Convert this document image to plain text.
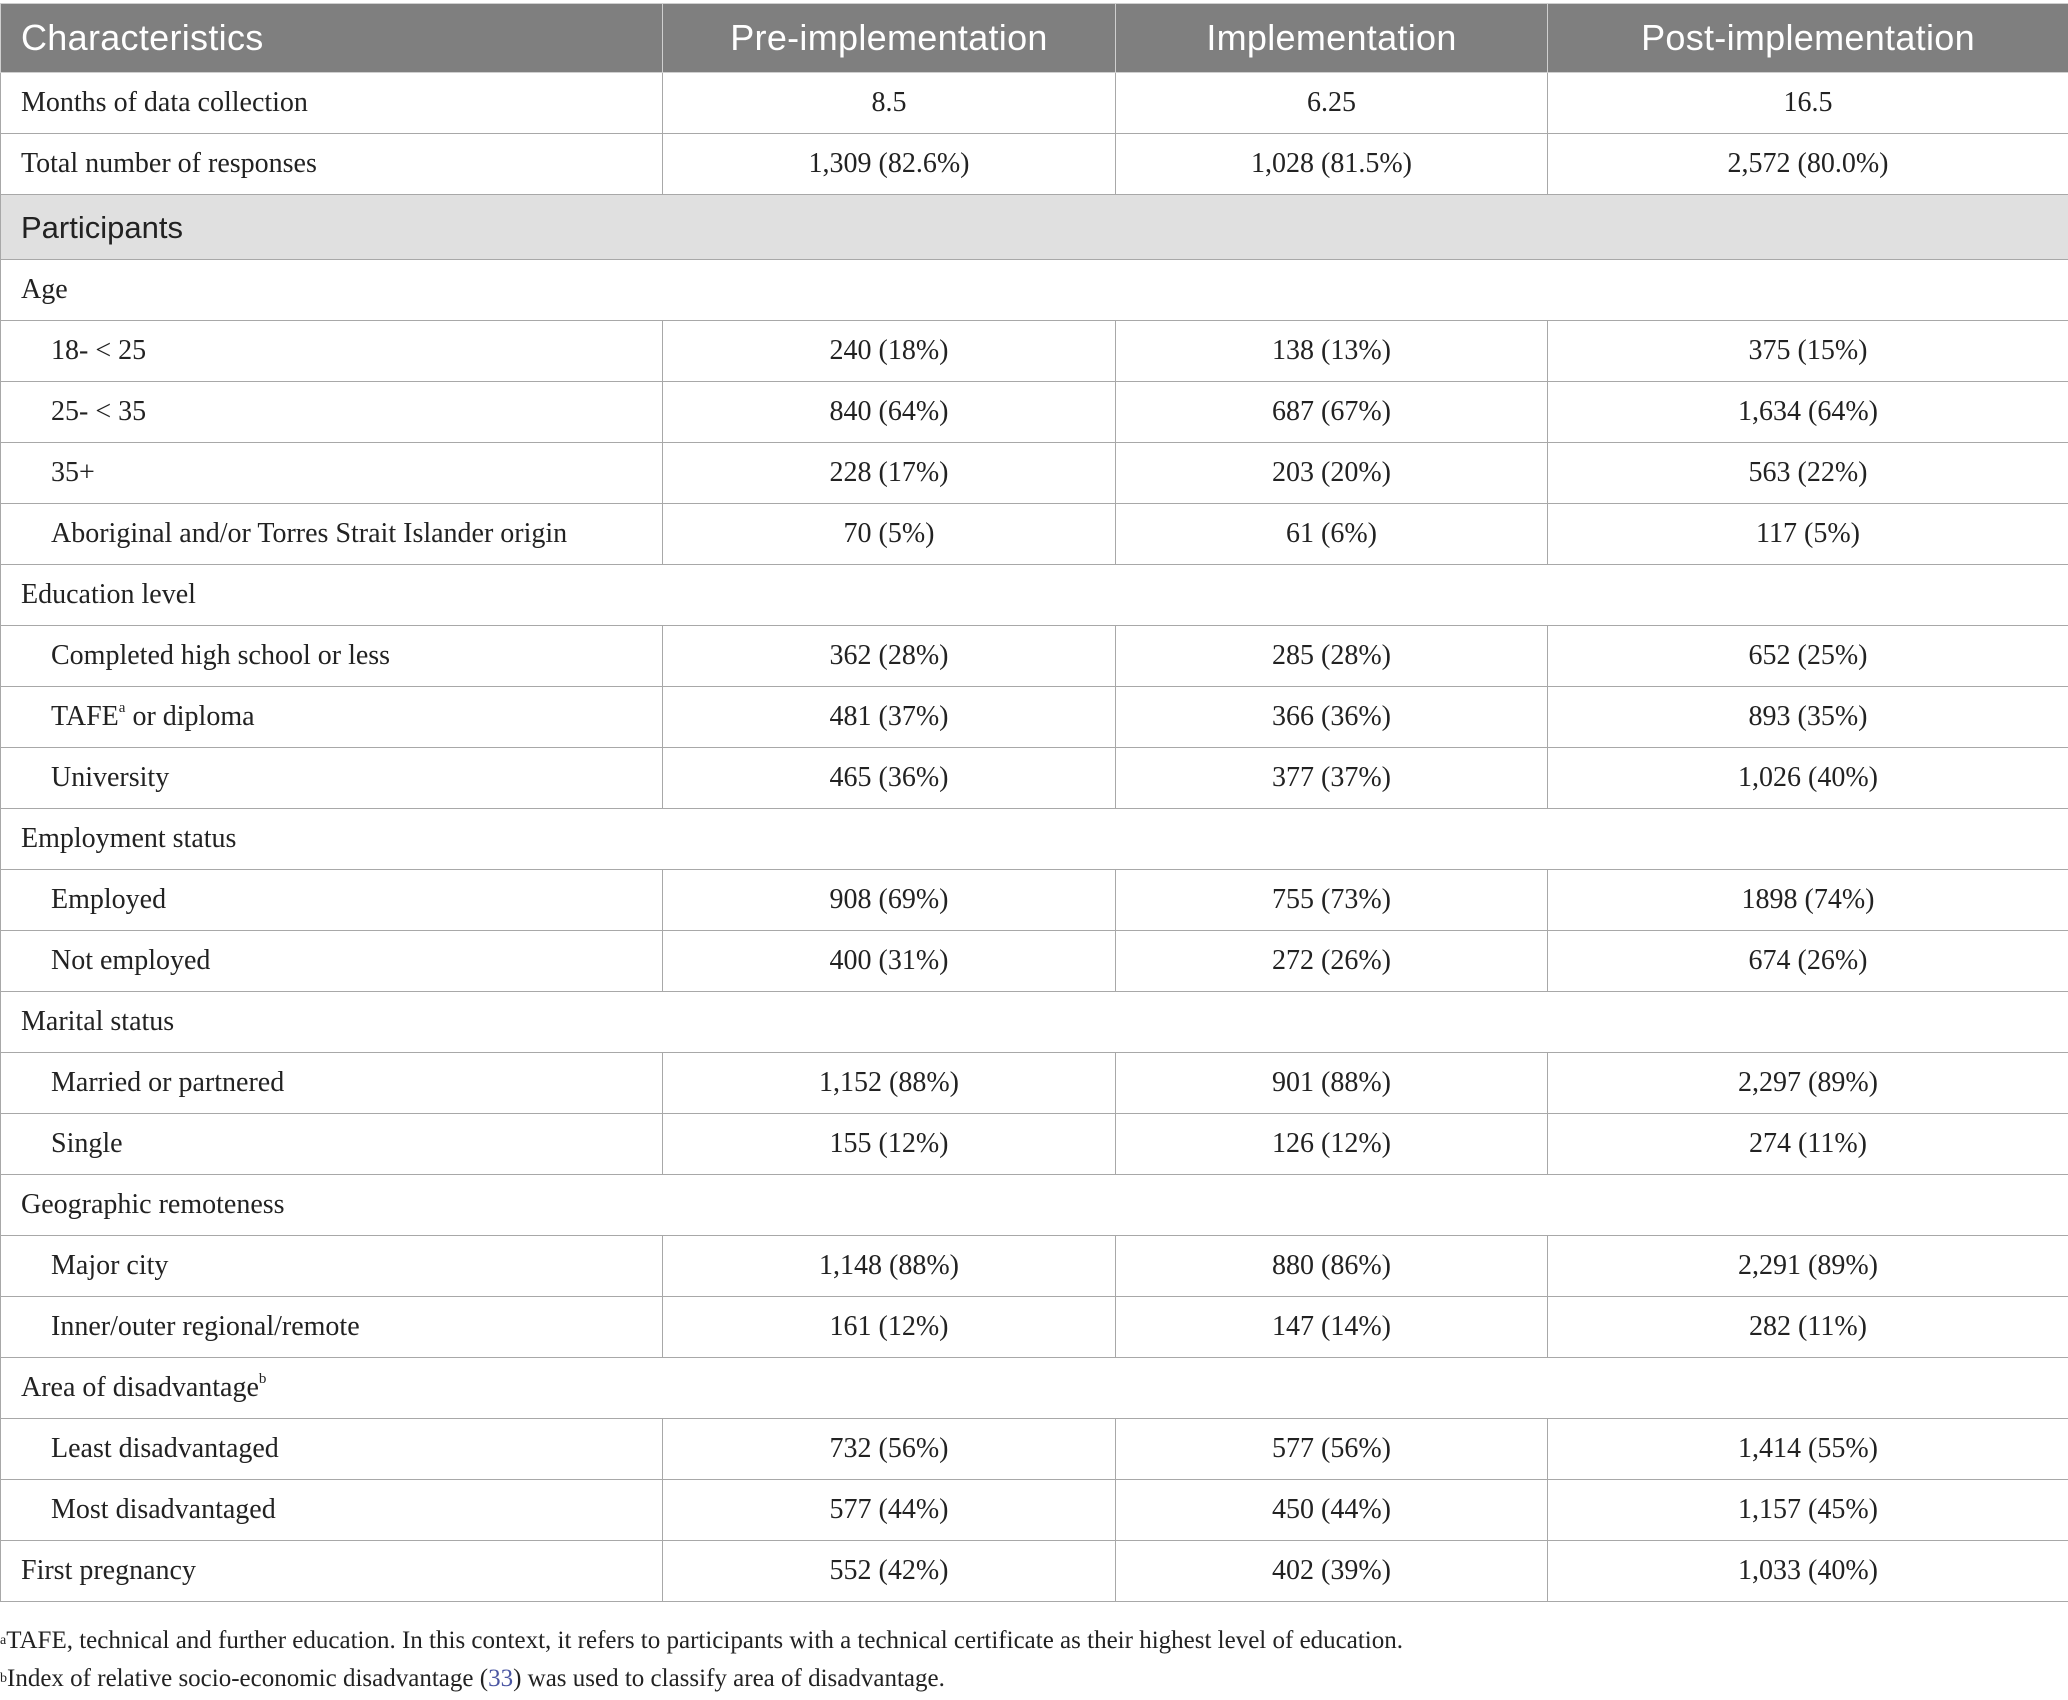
Characteristics	Pre-implementation	Implementation	Post-implementation
Months of data collection	8.5	6.25	16.5
Total number of responses	1,309 (82.6%)	1,028 (81.5%)	2,572 (80.0%)
Participants			
Age			
18- < 25	240 (18%)	138 (13%)	375 (15%)
25- < 35	840 (64%)	687 (67%)	1,634 (64%)
35+	228 (17%)	203 (20%)	563 (22%)
Aboriginal and/or Torres Strait Islander origin	70 (5%)	61 (6%)	117 (5%)
Education level			
Completed high school or less	362 (28%)	285 (28%)	652 (25%)
TAFE$^a$ or diploma	481 (37%)	366 (36%)	893 (35%)
University	465 (36%)	377 (37%)	1,026 (40%)
Employment status			
Employed	908 (69%)	755 (73%)	1898 (74%)
Not employed	400 (31%)	272 (26%)	674 (26%)
Marital status			
Married or partnered	1,152 (88%)	901 (88%)	2,297 (89%)
Single	155 (12%)	126 (12%)	274 (11%)
Geographic remoteness			
Major city	1,148 (88%)	880 (86%)	2,291 (89%)
Inner/outer regional/remote	161 (12%)	147 (14%)	282 (11%)
Area of disadvantage$^b$
Least disadvantaged	732 (56%)	577 (56%)	1,414 (55%)
Most disadvantaged	577 (44%)	450 (44%)	1,157 (45%)
First pregnancy	552 (42%)	402 (39%)	1,033 (40%)
$^a$TAFE, technical and further education. In this context, it refers to participants with a technical certificate as their highest level of education.
$^b$Index of relative socio-economic disadvantage (33) was used to classify area of disadvantage.
